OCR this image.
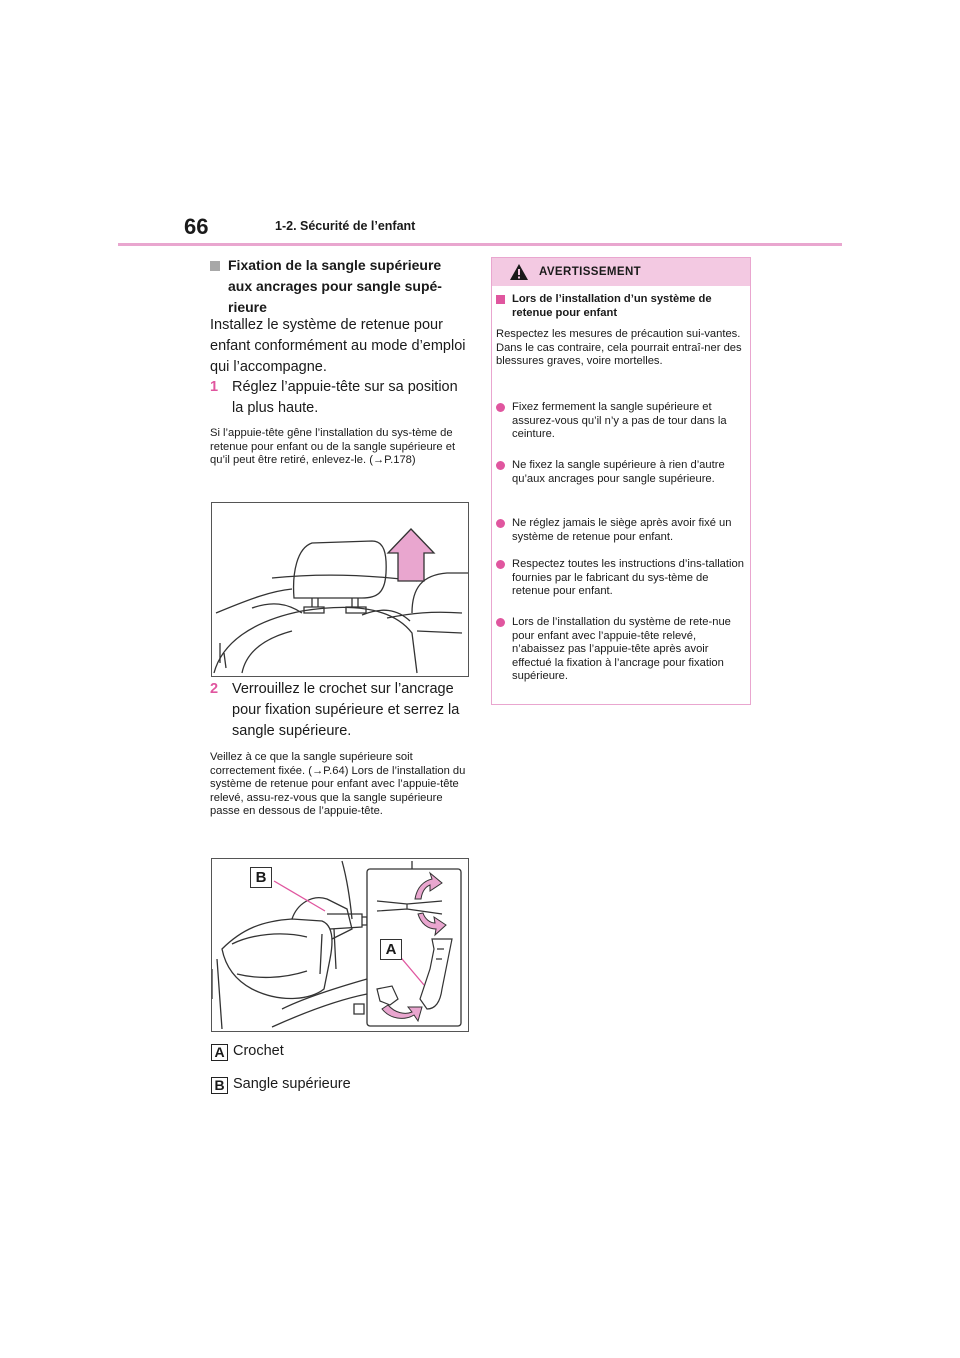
66	1-2. Sécurité de l’enfant
Fixation de la sangle supérieure aux ancrages pour sangle supé-rieure
Installez le système de retenue pour enfant conformément au mode d’emploi qui l’accompagne.
1 Réglez l’appuie-tête sur sa position la plus haute.
Si l’appuie-tête gêne l’installation du sys-tème de retenue pour enfant ou de la sangle supérieure et qu’il peut être retiré, enlevez-le. (→P.178)
2 Verrouillez le crochet sur l’ancrage pour fixation supérieure et serrez la sangle supérieure.
Veillez à ce que la sangle supérieure soit correctement fixée. (→P.64) Lors de l’installation du système de retenue pour enfant avec l’appuie-tête relevé, assu-rez-vous que la sangle supérieure passe en dessous de l’appuie-tête.
B
A
A Crochet
B Sangle supérieure
AVERTISSEMENT
Lors de l’installation d’un système de retenue pour enfant
Respectez les mesures de précaution sui-vantes. Dans le cas contraire, cela pourrait entraî-ner des blessures graves, voire mortelles.
Fixez fermement la sangle supérieure et assurez-vous qu’il n’y a pas de tour dans la ceinture.
Ne fixez la sangle supérieure à rien d’autre qu’aux ancrages pour sangle supérieure.
Ne réglez jamais le siège après avoir fixé un système de retenue pour enfant.
Respectez toutes les instructions d’ins-tallation fournies par le fabricant du sys-tème de retenue pour enfant.
Lors de l’installation du système de rete-nue pour enfant avec l’appuie-tête relevé, n’abaissez pas l’appuie-tête après avoir effectué la fixation à l’ancrage pour fixation supérieure.
